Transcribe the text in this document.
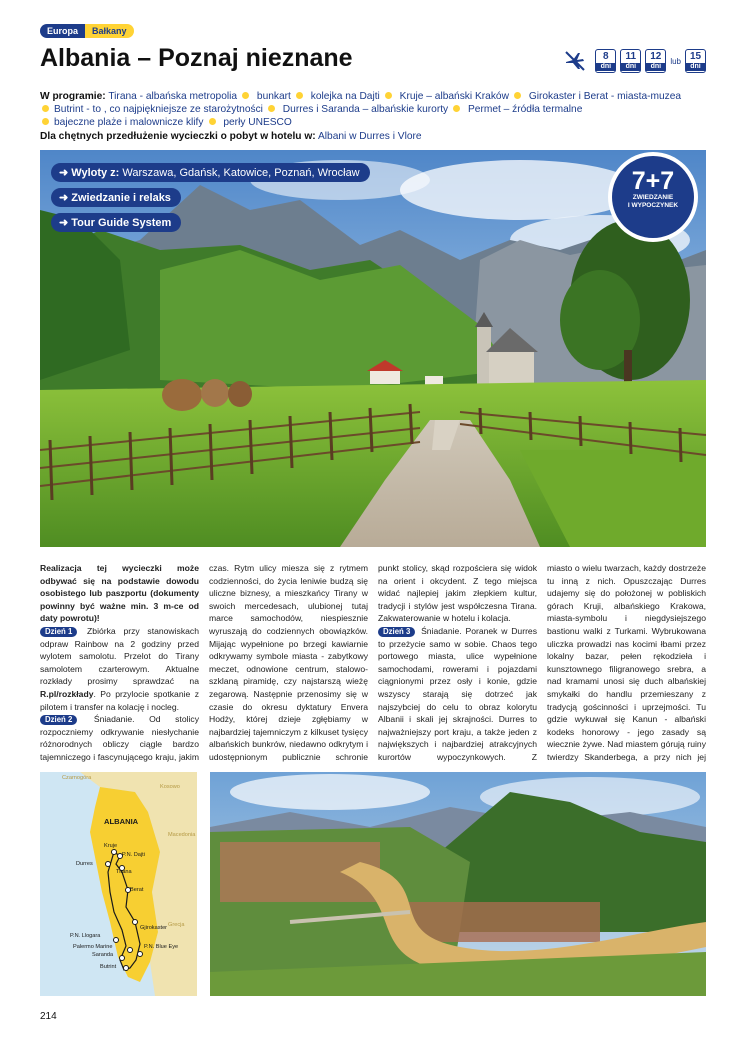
Europa	Bałkany
Albania – Poznaj nieznane	8
dni
11
dni
12
dni
lub 15
dni
W programie: Tirana - albańska metropolia bunkart kolejka na Dajti Kruje – albański Kraków Girokaster i Berat - miasta-muzea
Butrint - to , co najpiękniejsze ze starożytności Durres i Saranda – albańskie kurorty Permet – źródła termalne
bajeczne plaże i malownicze klify perły UNESCO
Dla chętnych przedłużenie wycieczki o pobyt w hotelu w: Albani w Durres i Vlore
➜ Wyloty z: Warszawa, Gdańsk, Katowice, Poznań, Wrocław
➜ Zwiedzanie i relaks
➜ Tour Guide System
7+7
ZWIEDZANIE
I WYPOCZYNEK

Realizacja tej wycieczki może odbywać się na podstawie dowodu osobistego lub paszportu (dokumenty powinny być ważne min. 3 m-ce od daty powrotu)!

Dzień 1 Zbiórka przy stanowiskach odpraw Rainbow na 2 godziny przed wylotem samolotu. Przelot do Tirany samolotem czarterowym. Aktualne rozkłady prosimy sprawdzać na R.pl/rozkłady. Po przylocie spotkanie z pilotem i transfer na kolację i nocleg.

Dzień 2	Śniadanie. Od stolicy rozpoczniemy odkrywanie niesłychanie różnorodnych obliczy ciągle bardzo tajemniczego i fascynującego kraju, jakim

czas. Rytm ulicy miesza się z rytmem codzienności, do życia leniwie budzą się uliczne biznesy, a mieszkańcy Tirany w swoich mercedesach, ulubionej tutaj marce samochodów, niespiesznie wyruszają do codziennych obowiązków. Mijając wypełnione po brzegi kawiarnie odkrywamy symbole miasta - zabytkowy meczet, odnowione centrum, stalowo-szklaną piramidę, czy najstarszą wieżę zegarową. Następnie przenosimy się w czasie do okresu dyktatury Envera Hodży, której dzieje zgłębiamy w najbardziej tajemniczym z kilkuset tysięcy albańskich bunkrów, niedawno odkrytym i udostępnionym publicznie schronie

punkt stolicy, skąd rozpościera się widok na orient i okcydent. Z tego miejsca widać najlepiej jakim złepkiem kultur, tradycji i stylów jest współczesna Tirana. Zakwaterowanie w hotelu i kolacja.

Dzień 3 Śniadanie. Poranek w Durres to przeżycie samo w sobie. Chaos tego portowego miasta, ulice wypełnione samochodami, rowerami i pojazdami ciągnionymi przez osły i konie, gdzie wszyscy starają się dotrzeć jak najszybciej do celu to obraz kolorytu Albanii i skali jej skrajności. Durres to najważniejszy port kraju, a także jeden z największych i najbardziej atrakcyjnych kurortów wypoczynkowych. Z

miasto o wielu twarzach, każdy dostrzeże tu inną z nich. Opuszczając Durres udajemy się do położonej w pobliskich górach Kruji, albańskiego Krakowa, miasta-symbolu i niegdysiejszego bastionu walki z Turkami. Wybrukowana uliczka prowadzi nas kocimi łbami przez lokalny bazar, pełen rękodzieła i kunsztownego filigranowego srebra, a nad kramami unosi się duch albańskiej smykałki do handlu przemieszany z tradycją gościnności i uprzejmości. Tu gdzie wykuwał się Kanun - albański kodeks honorowy - jego zasady są wiecznie żywe. Nad miastem górują ruiny twierdzy Skanderbega, a przy nich jej

ALBANIA
Czarnogóra
Kosowo
Macedonia
Grecja
Kruje
P.N. Dajti
Durres
Tirana
Berat
Gjirokaster
P.N. Llogara
Palermo Marine
Saranda
P.N. Blue Eye
Butrint
214
